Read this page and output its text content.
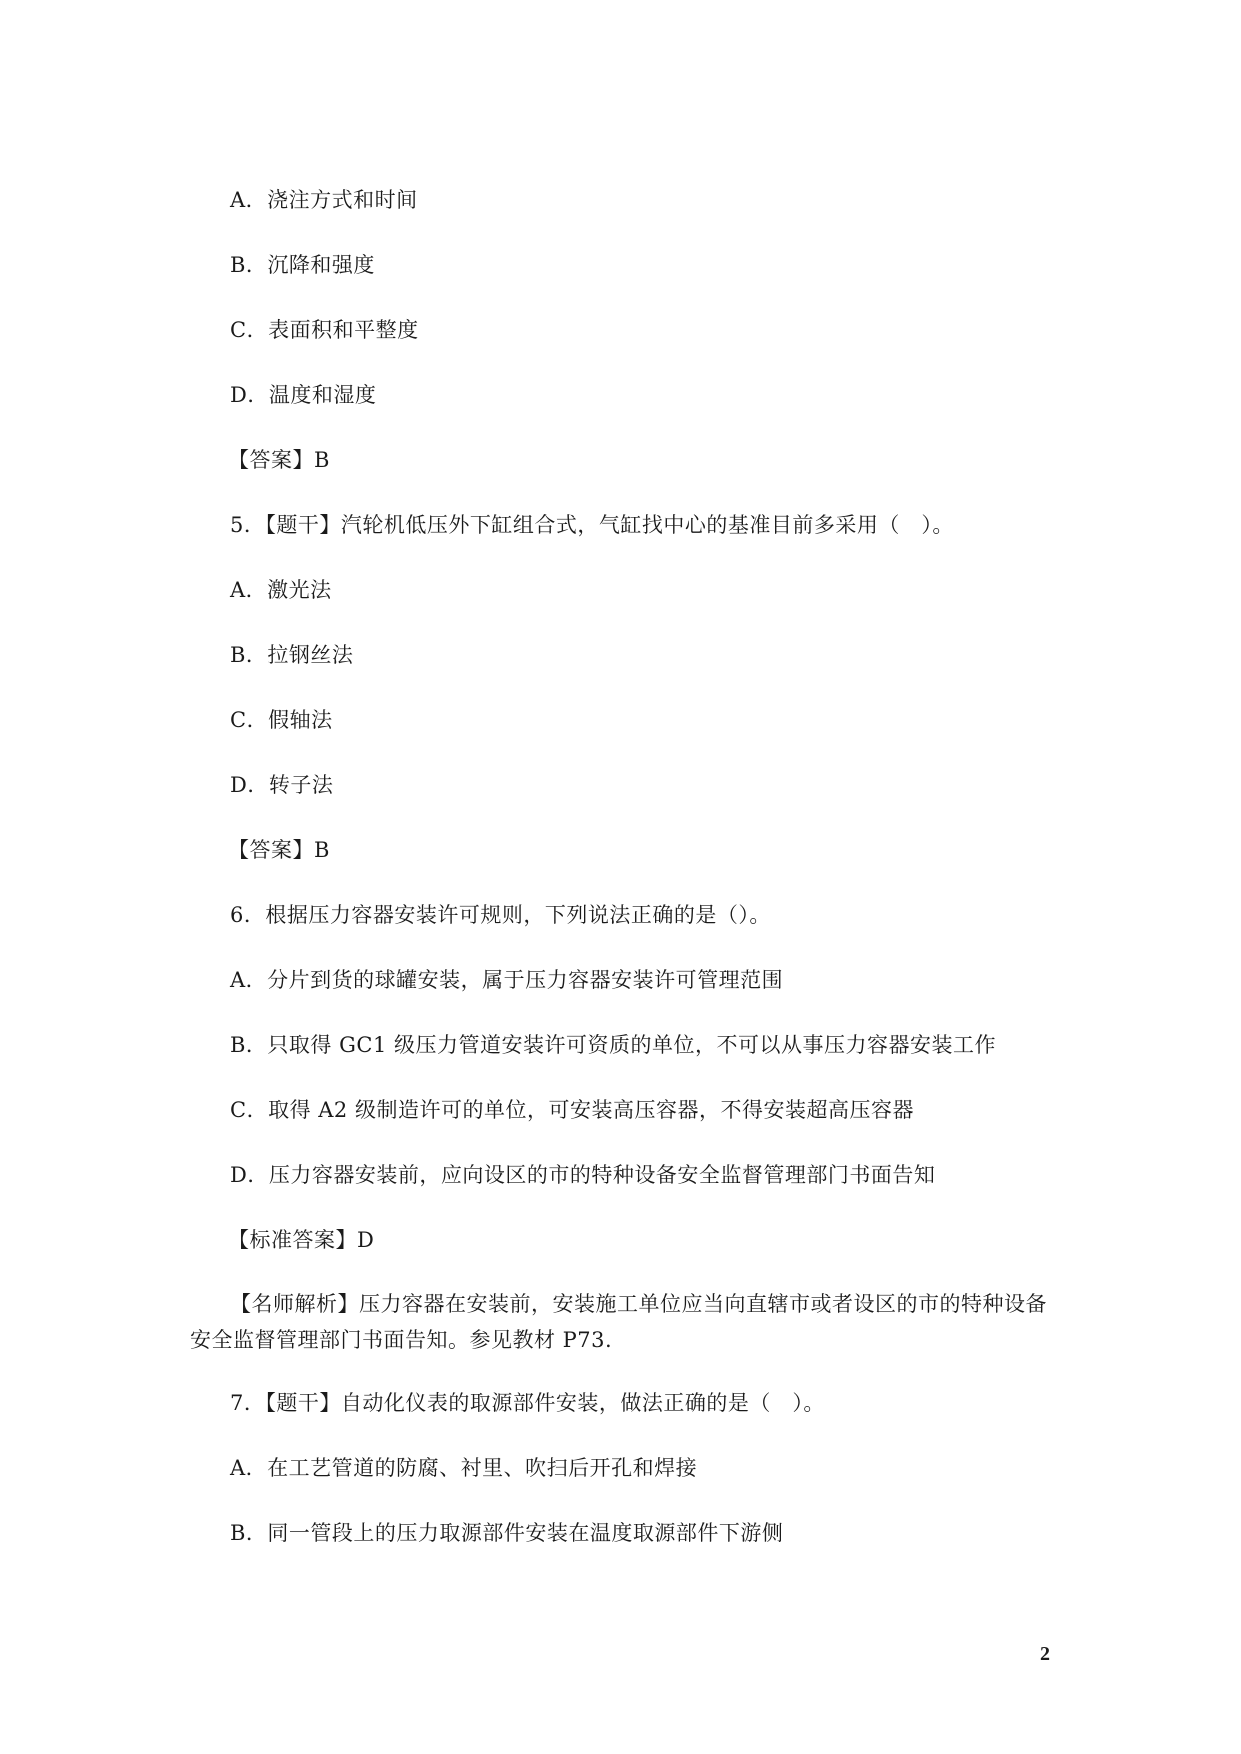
A．浇注方式和时间
B．沉降和强度
C．表面积和平整度
D．温度和湿度
【答案】B
5．【题干】汽轮机低压外下缸组合式，气缸找中心的基准目前多采用（　）。
A．激光法
B．拉钢丝法
C．假轴法
D．转子法
【答案】B
6．根据压力容器安装许可规则，下列说法正确的是（）。
A．分片到货的球罐安装，属于压力容器安装许可管理范围
B．只取得 GC1 级压力管道安装许可资质的单位，不可以从事压力容器安装工作
C．取得 A2 级制造许可的单位，可安装高压容器，不得安装超高压容器
D．压力容器安装前，应向设区的市的特种设备安全监督管理部门书面告知
【标准答案】D
【名师解析】压力容器在安装前，安装施工单位应当向直辖市或者设区的市的特种设备
安全监督管理部门书面告知。参见教材 P73.
7．【题干】自动化仪表的取源部件安装，做法正确的是（　）。
A．在工艺管道的防腐、衬里、吹扫后开孔和焊接
B．同一管段上的压力取源部件安装在温度取源部件下游侧
2
